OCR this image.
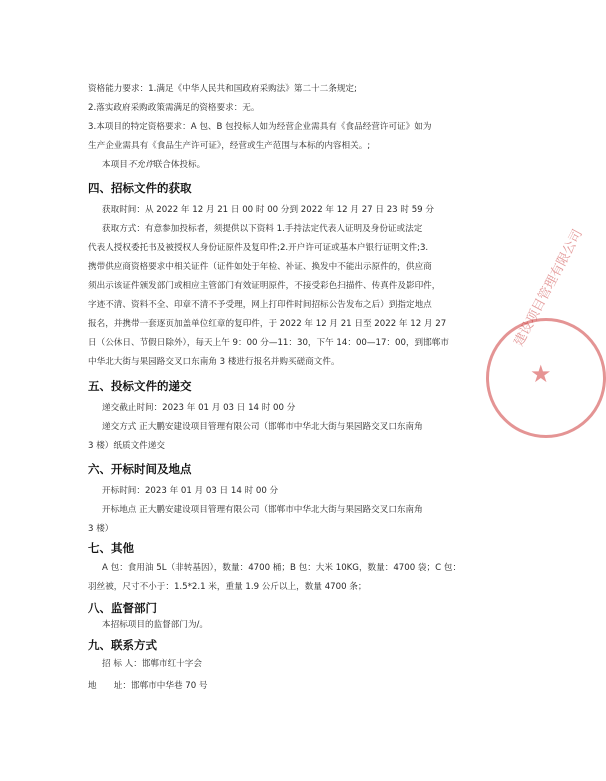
资格能力要求：1.满足《中华人民共和国政府采购法》第二十二条规定;
2.落实政府采购政策需满足的资格要求：无。
3.本项目的特定资格要求：A 包、B 包投标人如为经营企业需具有《食品经营许可证》如为
生产企业需具有《食品生产许可证》，经营或生产范围与本标的内容相关。;
本项目不允许联合体投标。
四、招标文件的获取
获取时间：从 2022 年 12 月 21 日 00 时 00 分到 2022 年 12 月 27 日 23 时 59 分
获取方式：有意参加投标者，须提供以下资料 1.手持法定代表人证明及身份证或法定
代表人授权委托书及被授权人身份证原件及复印件;2.开户许可证或基本户银行证明文件;3.
携带供应商资格要求中相关证件（证件如处于年检、补证、换发中不能出示原件的，供应商
须出示该证件颁发部门或相应主管部门有效证明原件，不接受彩色扫描件、传真件及影印件，
字迹不清、资料不全、印章不清不予受理，网上打印件时间招标公告发布之后）到指定地点
报名，并携带一套逐页加盖单位红章的复印件，于 2022 年 12 月 21 日至 2022 年 12 月 27
日（公休日、节假日除外），每天上午 9：00 分—11：30，下午 14：00—17：00，到邯郸市
中华北大街与果园路交叉口东南角 3 楼进行报名并购买磋商文件。
五、投标文件的递交
递交截止时间：2023 年 01 月 03 日 14 时 00 分
递交方式 正大鹏安建设项目管理有限公司（邯郸市中华北大街与果园路交叉口东南角
3 楼）纸质文件递交
六、开标时间及地点
开标时间：2023 年 01 月 03 日 14 时 00 分
开标地点 正大鹏安建设项目管理有限公司（邯郸市中华北大街与果园路交叉口东南角
3 楼）
七、其他
A 包：食用油 5L（非转基因），数量：4700 桶；B 包：大米 10KG，数量：4700 袋；C 包：
羽丝被，尺寸不小于：1.5*2.1 米，重量 1.9 公斤以上，数量 4700 条；
八、监督部门
本招标项目的监督部门为/。
九、联系方式
招 标 人：邯郸市红十字会
地　　址：邯郸市中华巷 70 号
建设项目管理有限公司
★
